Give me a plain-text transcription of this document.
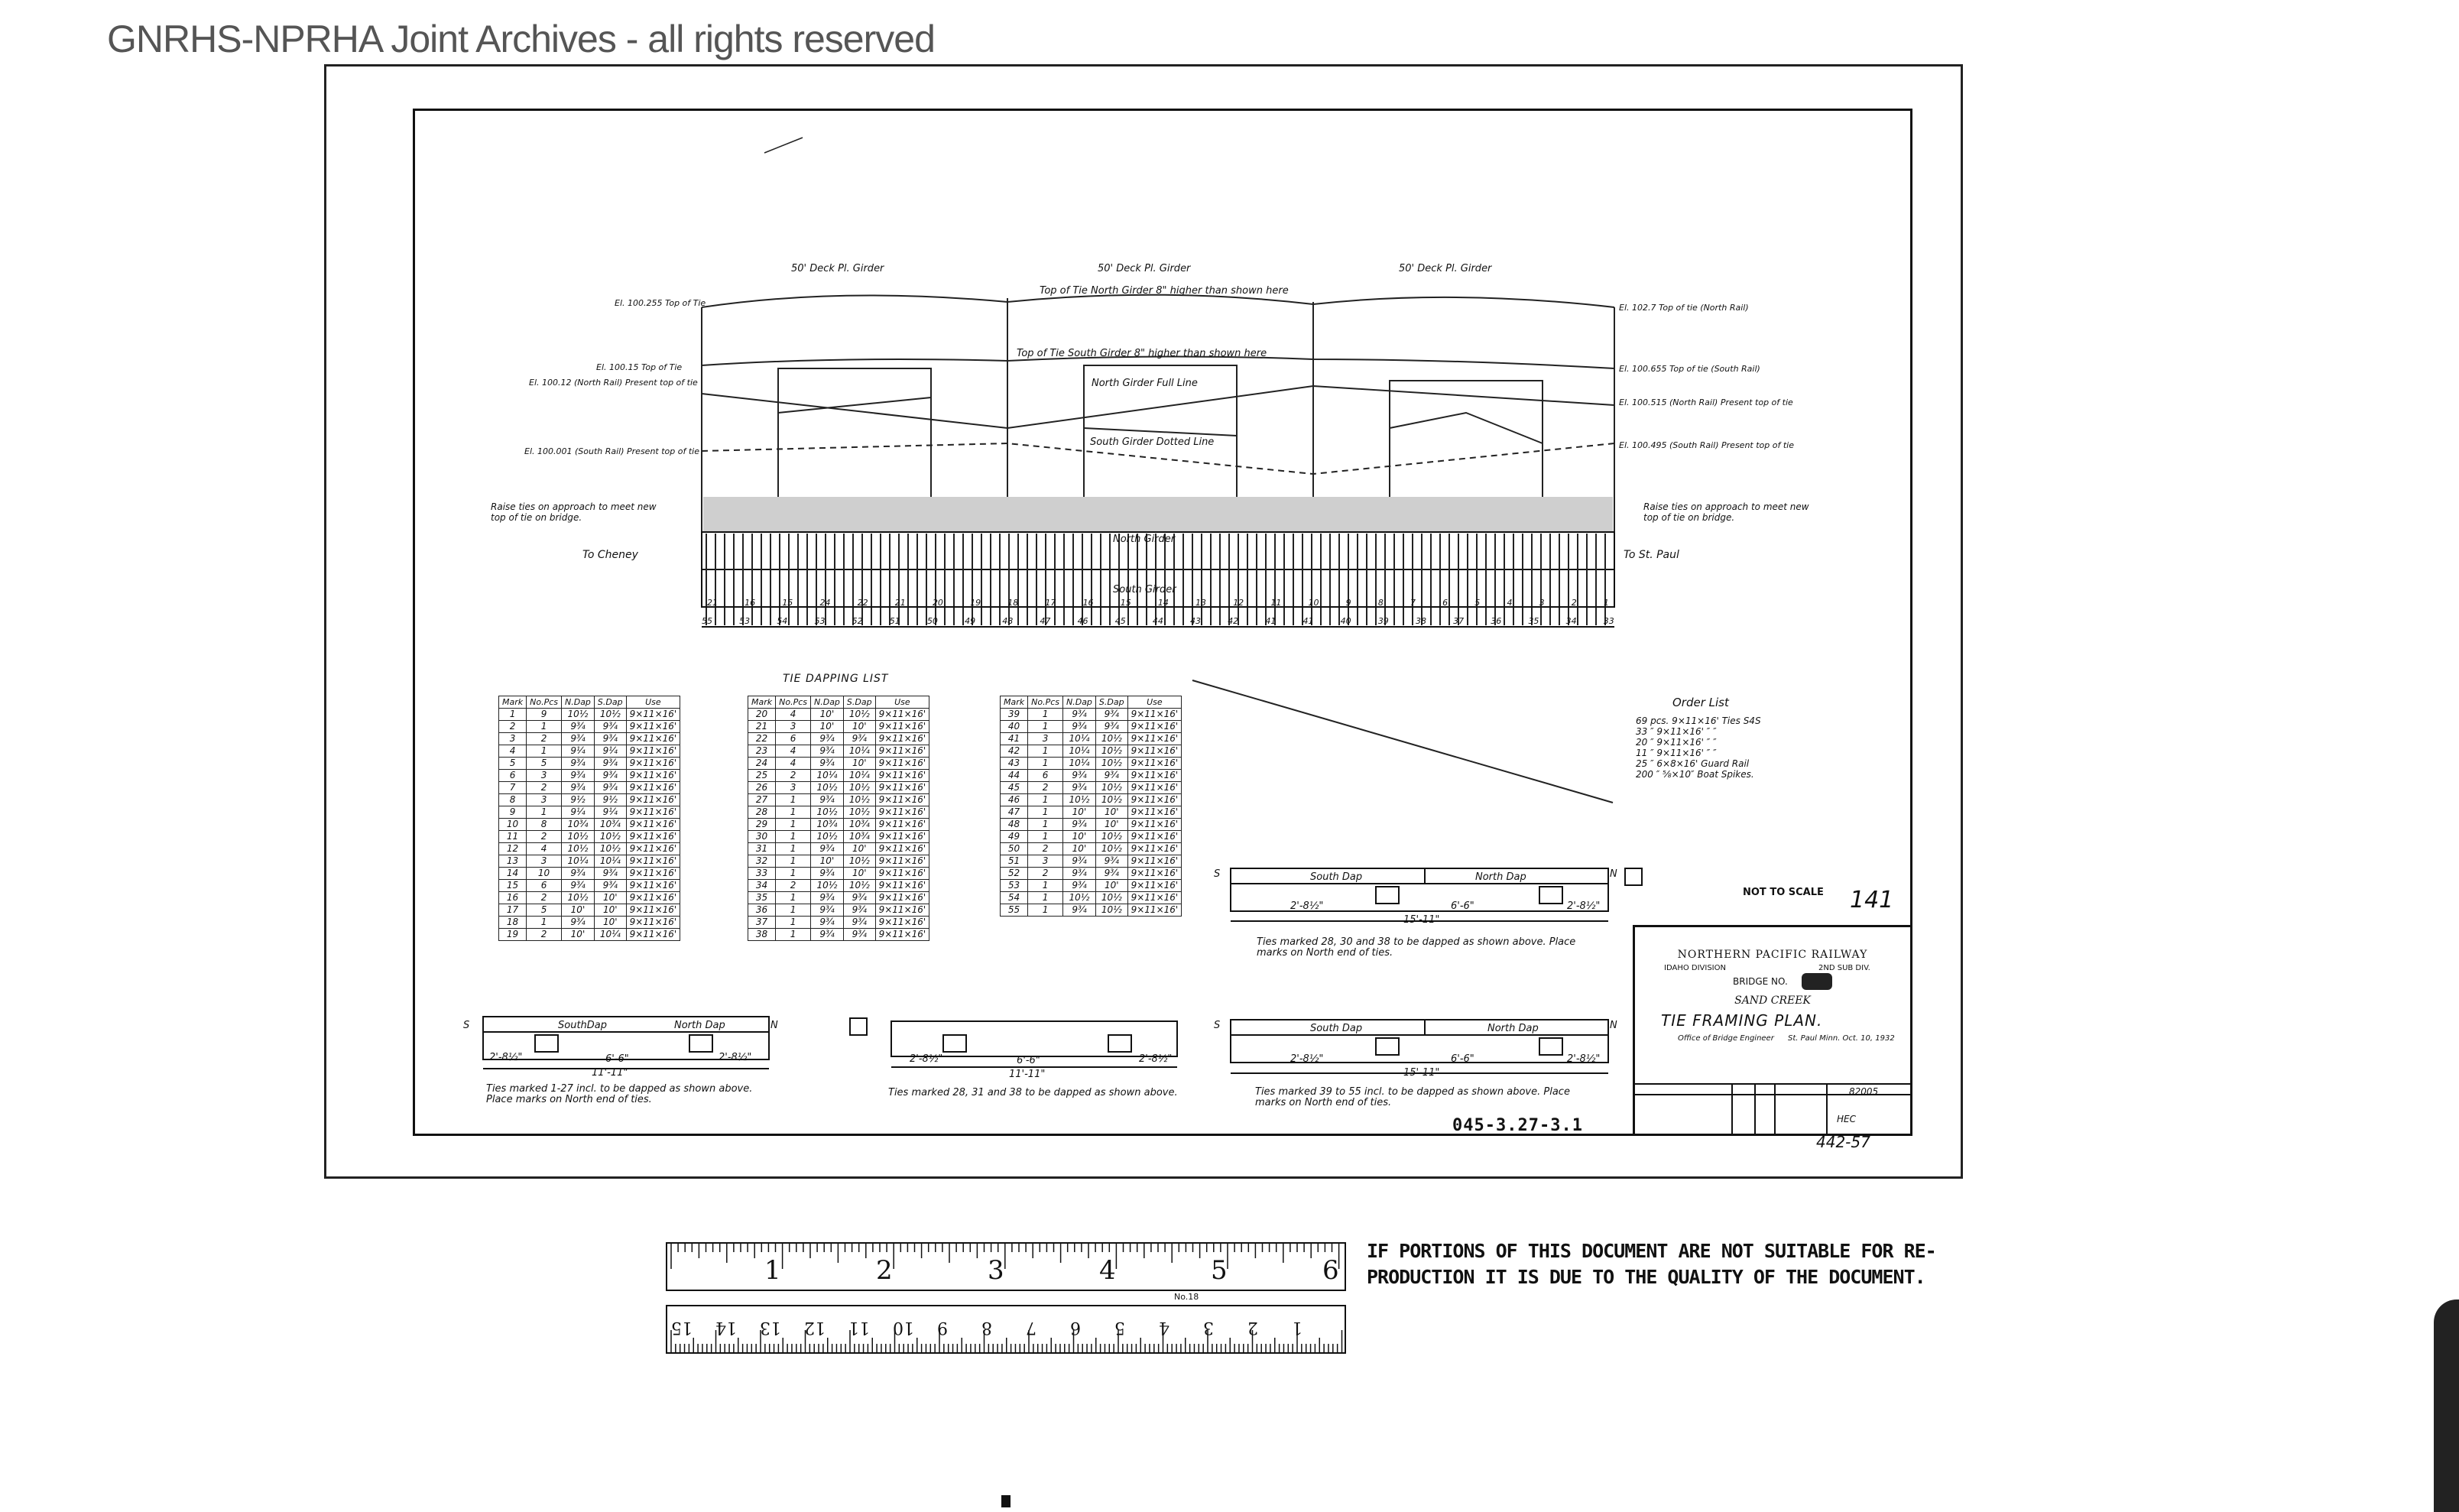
GNRHS-NPRHA Joint Archives - all rights reserved
50' Deck Pl. Girder	50' Deck Pl. Girder	50' Deck Pl. Girder
Top of Tie North Girder 8" higher than shown here
Top of Tie South Girder 8" higher than shown here
North Girder Full Line
South Girder Dotted Line
El. 100.255 Top of Tie
El. 100.15 Top of Tie
El. 100.12 (North Rail) Present top of tie
El. 100.001 (South Rail) Present top of tie
El. 102.7 Top of tie (North Rail)
El. 100.655 Top of tie (South Rail)
El. 100.515 (North Rail) Present top of tie
El. 100.495 (South Rail) Present top of tie
Raise ties on approach to meet new top of tie on bridge.
Raise ties on approach to meet new top of tie on bridge.
To Cheney	To St. Paul
North Girder
South Girder
55	53	54	53	52	51	50	49	48	47	46	45	44	43	42	41	41	40	39	38	37	36	35	34	33
21	16	15	24	22	21	20	19	18	17	16	15	14	13	12	11	10	9	8	7	6	5	4	3	2	1
TIE DAPPING LIST
Mark	No.Pcs	N.Dap	S.Dap	Use
1	9	10½	10½	9×11×16'
2	1	9¾	9¾	9×11×16'
3	2	9¾	9¾	9×11×16'
4	1	9¼	9¼	9×11×16'
5	5	9¾	9¾	9×11×16'
6	3	9¾	9¾	9×11×16'
7	2	9¾	9¾	9×11×16'
8	3	9½	9½	9×11×16'
9	1	9¼	9¼	9×11×16'
10	8	10¾	10¾	9×11×16'
11	2	10½	10½	9×11×16'
12	4	10½	10½	9×11×16'
13	3	10¼	10¼	9×11×16'
14	10	9¾	9¾	9×11×16'
15	6	9¾	9¾	9×11×16'
16	2	10½	10'	9×11×16'
17	5	10'	10'	9×11×16'
18	1	9¾	10'	9×11×16'
19	2	10'	10¼	9×11×16'
Mark	No.Pcs	N.Dap	S.Dap	Use
20	4	10'	10½	9×11×16'
21	3	10'	10'	9×11×16'
22	6	9¾	9¾	9×11×16'
23	4	9¾	10¼	9×11×16'
24	4	9¾	10'	9×11×16'
25	2	10¼	10¼	9×11×16'
26	3	10½	10½	9×11×16'
27	1	9¾	10½	9×11×16'
28	1	10½	10½	9×11×16'
29	1	10¾	10¾	9×11×16'
30	1	10½	10¾	9×11×16'
31	1	9¾	10'	9×11×16'
32	1	10'	10½	9×11×16'
33	1	9¾	10'	9×11×16'
34	2	10½	10½	9×11×16'
35	1	9¾	9¾	9×11×16'
36	1	9¾	9¾	9×11×16'
37	1	9¾	9¾	9×11×16'
38	1	9¾	9¾	9×11×16'
Mark	No.Pcs	N.Dap	S.Dap	Use
39	1	9¾	9¾	9×11×16'
40	1	9¾	9¾	9×11×16'
41	3	10¼	10½	9×11×16'
42	1	10¼	10½	9×11×16'
43	1	10¼	10½	9×11×16'
44	6	9¾	9¾	9×11×16'
45	2	9¾	10½	9×11×16'
46	1	10½	10½	9×11×16'
47	1	10'	10'	9×11×16'
48	1	9¾	10'	9×11×16'
49	1	10'	10½	9×11×16'
50	2	10'	10½	9×11×16'
51	3	9¾	9¾	9×11×16'
52	2	9¾	9¾	9×11×16'
53	1	9¾	10'	9×11×16'
54	1	10½	10½	9×11×16'
55	1	9¾	10½	9×11×16'
Order List
69 pcs. 9×11×16' Ties S4S
33 ″ 9×11×16' ″ ″
20 ″ 9×11×16' ″ ″
11 ″ 9×11×16' ″ ″
25 ″ 6×8×16' Guard Rail
200 ″ ⅝×10″ Boat Spikes.
South Dap	North Dap
S	N
2'-8½"	6'-6"	2'-8½"
15'-11"
Ties marked 28, 30 and 38 to be dapped as shown above. Place marks on North end of ties.
SouthDap	North Dap
S	N
2'-8½"	6'-6"	2'-8½"
11'-11"
Ties marked 1-27 incl. to be dapped as shown above. Place marks on North end of ties.
2'-8½"	6'-6"	2'-8½"
11'-11"
Ties marked 28, 31 and 38 to be dapped as shown above.
South Dap	North Dap
S	N
2'-8½"	6'-6"	2'-8½"
15'-11"
Ties marked 39 to 55 incl. to be dapped as shown above. Place marks on North end of ties.
NOT TO SCALE 141
NORTHERN PACIFIC RAILWAY
IDAHO DIVISION	2ND SUB DIV.
BRIDGE NO.
SAND CREEK
TIE FRAMING PLAN.
Office of Bridge Engineer St. Paul Minn. Oct. 10, 1932
82005
HEC
045-3.27-3.1
442-57
1	2	3	4	5	6
15 14 13 12 11 10 9 8 7 6 5 4 3 2 1
No.18
IF PORTIONS OF THIS DOCUMENT ARE NOT SUITABLE FOR RE-
PRODUCTION IT IS DUE TO THE QUALITY OF THE DOCUMENT.
